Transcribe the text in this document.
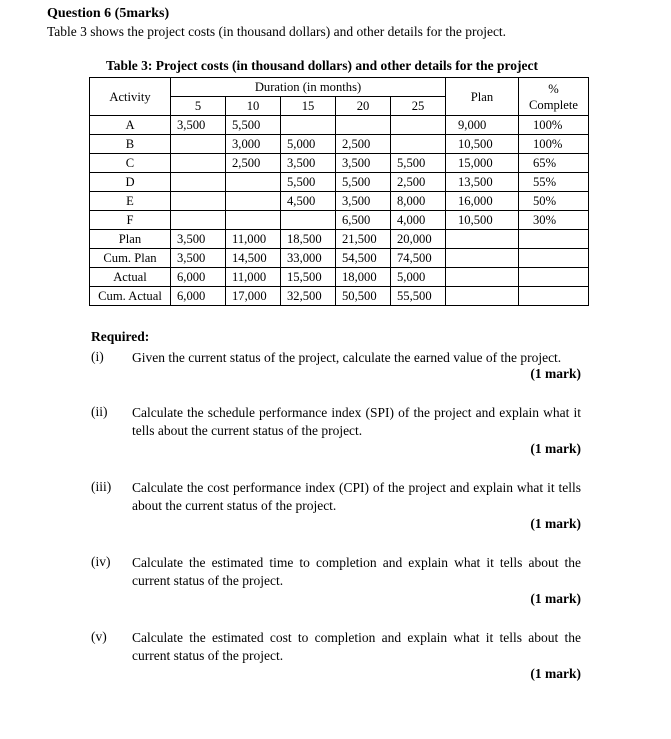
Question 6 (5marks)
Table 3 shows the project costs (in thousand dollars) and other details for the project.
Table 3: Project costs (in thousand dollars) and other details for the project
Activity	Duration (in months)					Plan	%
Complete
	5	10	15	20	25		
A	3,500	5,500				9,000	100%
B		3,000	5,000	2,500		10,500	100%
C		2,500	3,500	3,500	5,500	15,000	65%
D			5,500	5,500	2,500	13,500	55%
E			4,500	3,500	8,000	16,000	50%
F				6,500	4,000	10,500	30%
Plan	3,500	11,000	18,500	21,500	20,000		
Cum. Plan	3,500	14,500	33,000	54,500	74,500		
Actual	6,000	11,000	15,500	18,000	5,000		
Cum. Actual	6,000	17,000	32,500	50,500	55,500		
Required:
(i) Given the current status of the project, calculate the earned value of the project.
(1 mark)
(ii) Calculate the schedule performance index (SPI) of the project and explain what it tells about the current status of the project.
(1 mark)
(iii) Calculate the cost performance index (CPI) of the project and explain what it tells about the current status of the project.
(1 mark)
(iv) Calculate the estimated time to completion and explain what it tells about the current status of the project.
(1 mark)
(v) Calculate the estimated cost to completion and explain what it tells about the current status of the project.
(1 mark)
